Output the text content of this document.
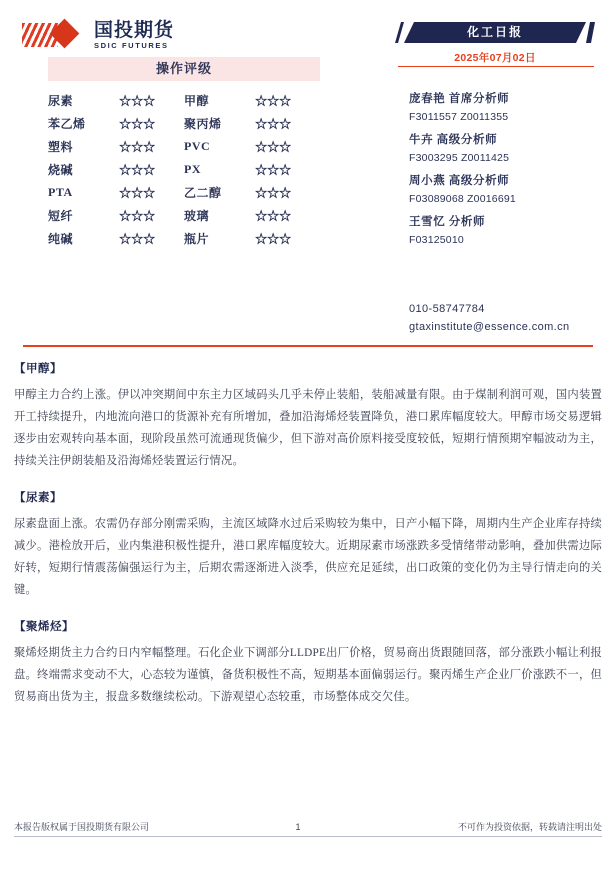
国投期货
SDIC FUTURES
操作评级
尿素	☆☆☆	甲醇	☆☆☆
苯乙烯	☆☆☆	聚丙烯	☆☆☆
塑料	☆☆☆	PVC	☆☆☆
烧碱	☆☆☆	PX	☆☆☆
PTA	☆☆☆	乙二醇	☆☆☆
短纤	☆☆☆	玻璃	☆☆☆
纯碱	☆☆☆	瓶片	☆☆☆
化工日报
2025年07月02日
庞春艳 首席分析师
F3011557 Z0011355
牛卉 高级分析师
F3003295 Z0011425
周小燕 高级分析师
F03089068 Z0016691
王雪忆 分析师
F03125010
010-58747784
gtaxinstitute@essence.com.cn
【甲醇】
甲醇主力合约上涨。伊以冲突期间中东主力区域码头几乎未停止装船，装船减量有限。由于煤制利润可观，国内装置开工持续提升，内地流向港口的货源补充有所增加，叠加沿海烯烃装置降负，港口累库幅度较大。甲醇市场交易逻辑逐步由宏观转向基本面，现阶段虽然可流通现货偏少，但下游对高价原料接受度较低，短期行情预期窄幅波动为主，持续关注伊朗装船及沿海烯烃装置运行情况。
【尿素】
尿素盘面上涨。农需仍存部分刚需采购，主流区域降水过后采购较为集中，日产小幅下降，周期内生产企业库存持续减少。港检放开后，业内集港积极性提升，港口累库幅度较大。近期尿素市场涨跌多受情绪带动影响，叠加供需边际好转，短期行情震荡偏强运行为主，后期农需逐渐进入淡季，供应充足延续，出口政策的变化仍为主导行情走向的关键。
【聚烯烃】
聚烯烃期货主力合约日内窄幅整理。石化企业下调部分LLDPE出厂价格，贸易商出货跟随回落，部分涨跌小幅让利报盘。终端需求变动不大，心态较为谨慎，备货积极性不高，短期基本面偏弱运行。聚丙烯生产企业厂价涨跌不一，但贸易商出货为主，报盘多数继续松动。下游观望心态较重，市场整体成交欠佳。
本报告版权属于国投期货有限公司	1	不可作为投资依据，转载请注明出处
